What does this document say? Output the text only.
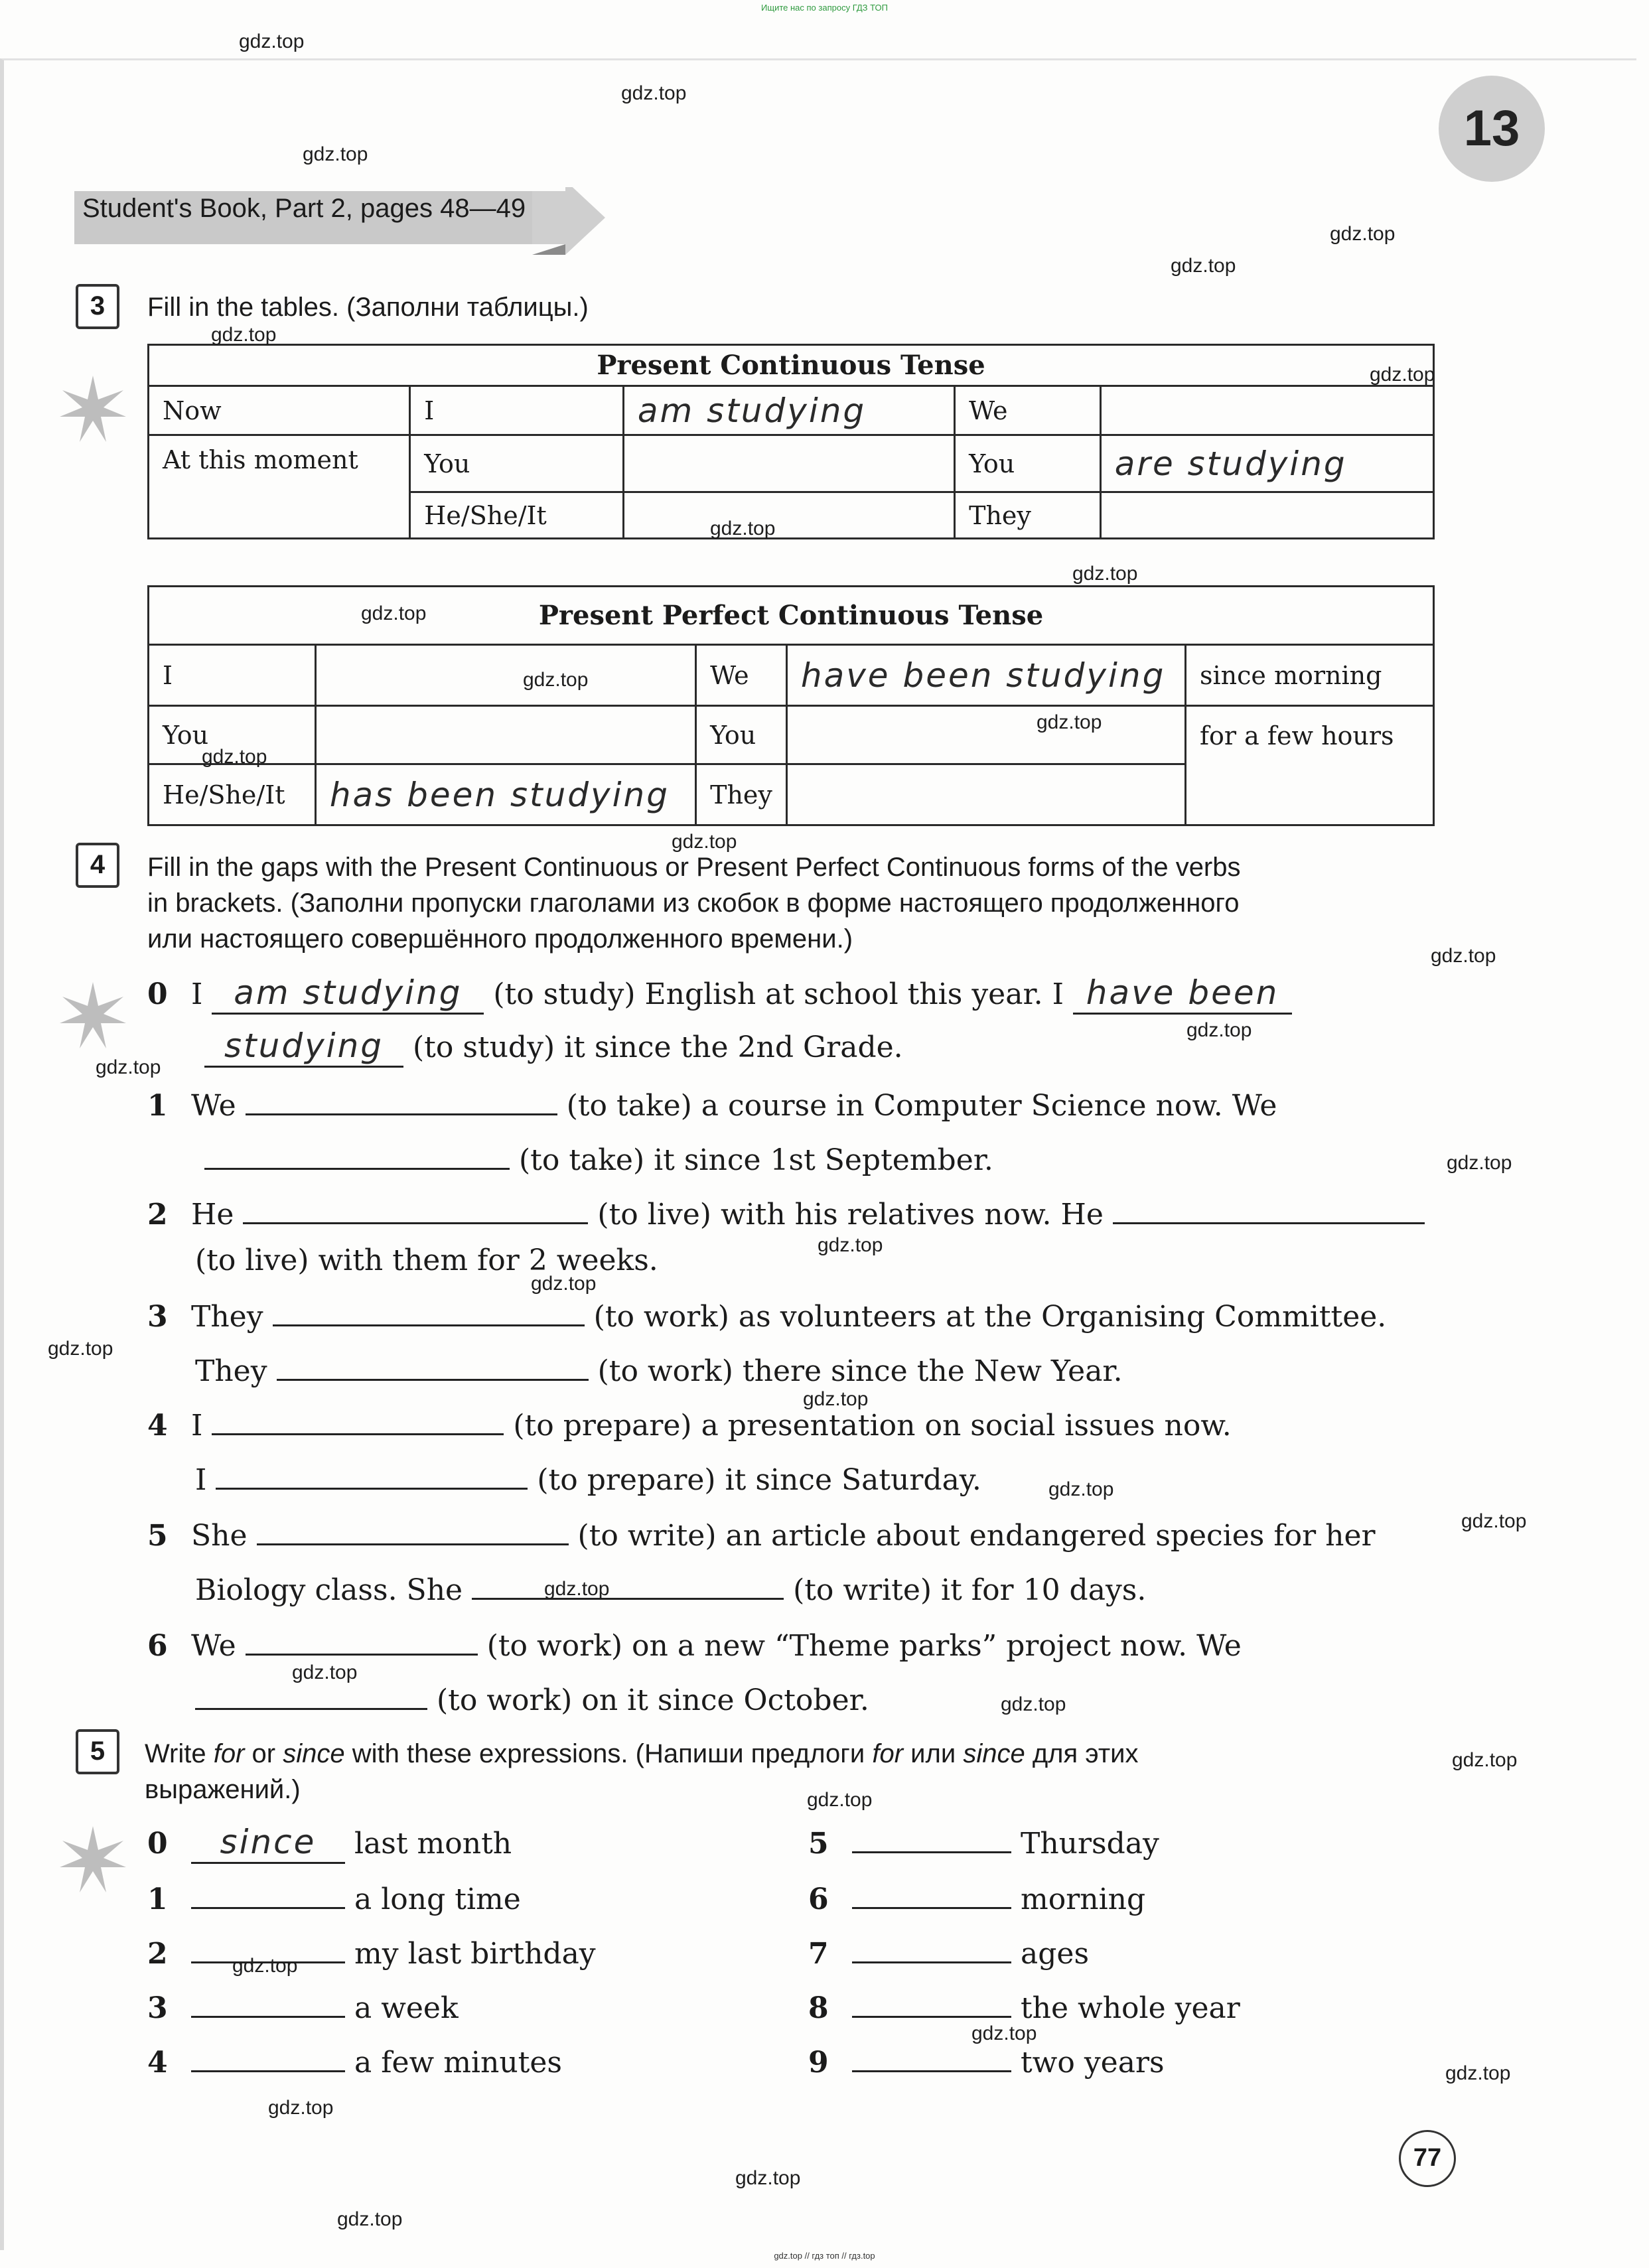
Ищите нас по запросу ГДЗ ТОП
13
Student's Book, Part 2, pages 48—49
3	Fill in the tables. (Заполни таблицы.)
Present Continuous Tense				
Now	I	am studying	We	
At this moment	You		You	are studying
	He/She/It		They	
Present Perfect Continuous Tense				
I		We	have been studying	since morning
You		You		for a few hours
He/She/It	has been studying	They		
4	Fill in the gaps with the Present Continuous or Present Perfect Continuous forms of the verbs
in brackets. (Заполни пропуски глаголами из скобок в форме настоящего продолженного
или настоящего совершённого продолженного времени.)
0 I am studying (to study) English at school this year. I have been
studying (to study) it since the 2nd Grade.
1 We	(to take) a course in Computer Science now. We
(to take) it since 1st September.
2 He	(to live) with his relatives now. He
(to live) with them for 2 weeks.
3 They	(to work) as volunteers at the Organising Committee.
They	(to work) there since the New Year.
4 I	(to prepare) a presentation on social issues now.
I	(to prepare) it since Saturday.
5 She	(to write) an article about endangered species for her
Biology class. She	(to write) it for 10 days.
6 We	(to work) on a new “Theme parks” project now. We
(to work) on it since October.
5	Write for or since with these expressions. (Напиши предлоги for или since для этих
выражений.)
0 since last month
1	a long time
2	my last birthday
3	a week
4	a few minutes
5	Thursday
6	morning
7	ages
8	the whole year
9	two years
77
gdz.top
gdz.top
gdz.top
gdz.top
gdz.top
gdz.top
gdz.top
gdz.top
gdz.top
gdz.top
gdz.top
gdz.top
gdz.top
gdz.top
gdz.top
gdz.top
gdz.top
gdz.top
gdz.top
gdz.top
gdz.top
gdz.top
gdz.top
gdz.top
gdz.top
gdz.top
gdz.top
gdz.top
gdz.top
gdz.top
gdz.top
gdz.top
gdz.top
gdz.top
gdz.top
gdz.top // гдз топ // гдз.top
